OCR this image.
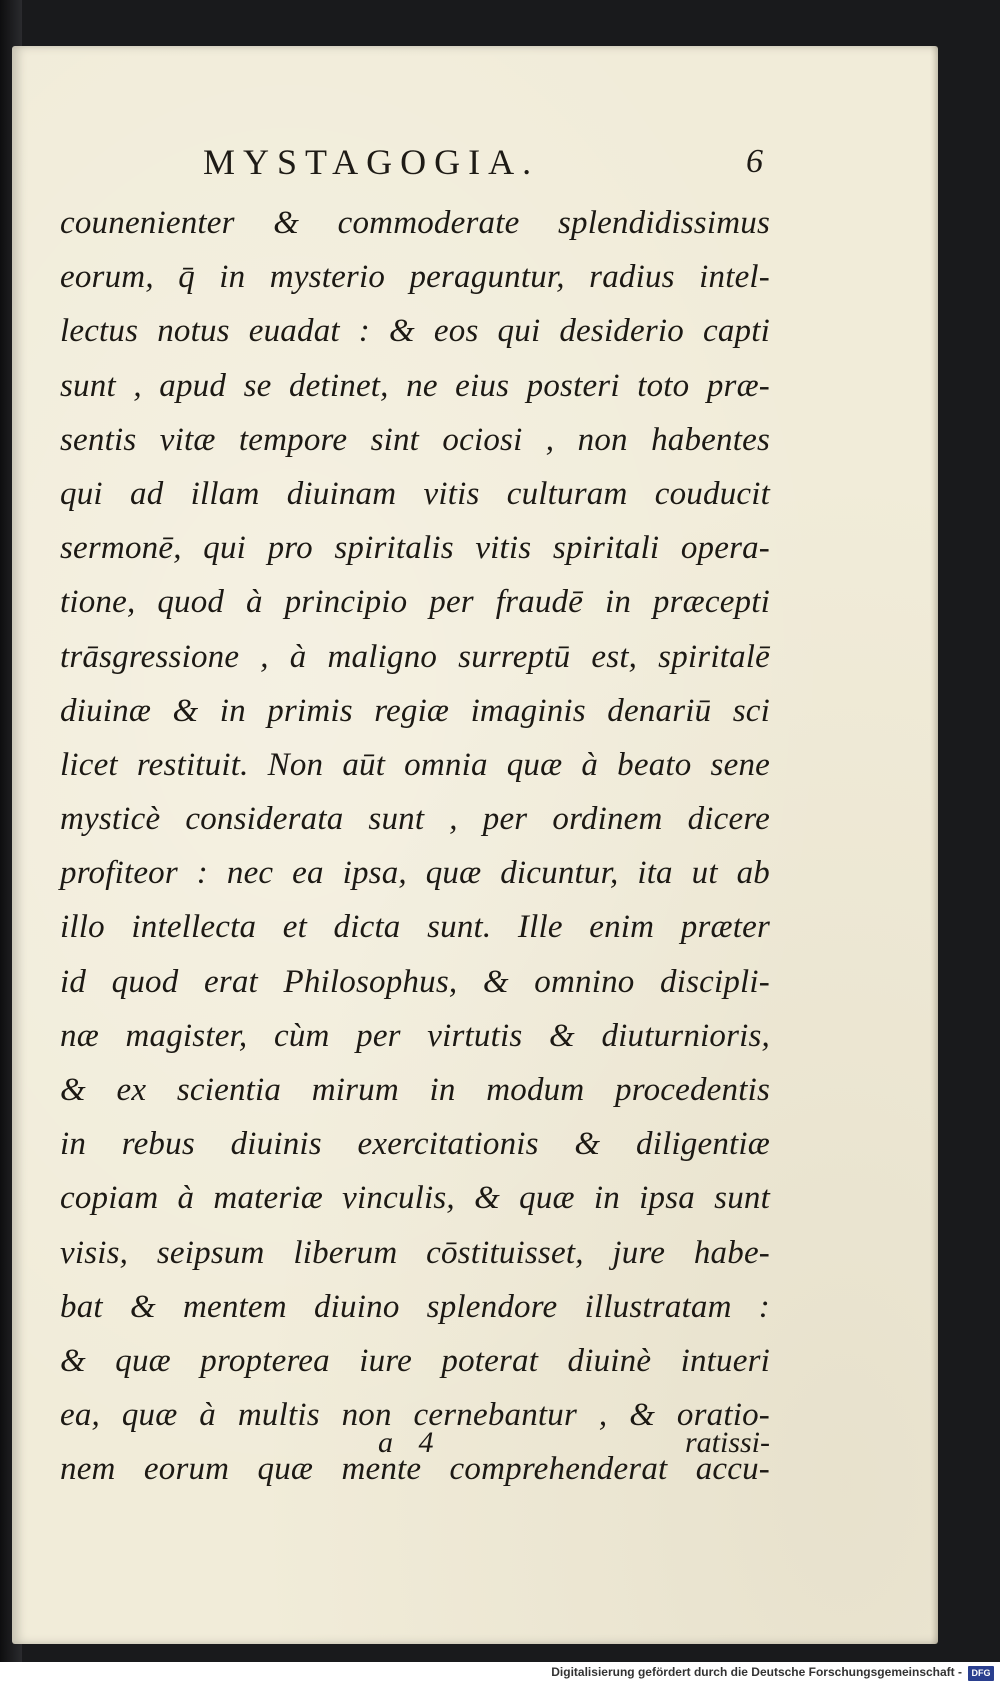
MYSTAGOGIA.	6
counenienter & commoderate splendidissimus
eorum, q̄ in mysterio peraguntur, radius intel-
lectus notus euadat : & eos qui desiderio capti
sunt , apud se detinet, ne eius posteri toto præ-
sentis vitæ tempore sint ociosi , non habentes
qui ad illam diuinam vitis culturam couducit
sermonē, qui pro spiritalis vitis spiritali opera-
tione, quod à principio per fraudē in præcepti
trāsgressione , à maligno surreptū est, spiritalē
diuinæ & in primis regiæ imaginis denariū sci
licet restituit. Non aūt omnia quæ à beato sene
mysticè considerata sunt , per ordinem dicere
profiteor : nec ea ipsa, quæ dicuntur, ita ut ab
illo intellecta et dicta sunt. Ille enim præter
id quod erat Philosophus, & omnino discipli-
næ magister, cùm per virtutis & diuturnioris,
& ex scientia mirum in modum procedentis
in rebus diuinis exercitationis & diligentiæ
copiam à materiæ vinculis, & quæ in ipsa sunt
visis, seipsum liberum cōstituisset, jure habe-
bat & mentem diuino splendore illustratam :
& quæ propterea iure poterat diuinè intueri
ea, quæ à multis non cernebantur , & oratio-
nem eorum quæ mente comprehenderat accu-
a 4	ratissi-
Digitalisierung gefördert durch die Deutsche Forschungsgemeinschaft -	DFG
